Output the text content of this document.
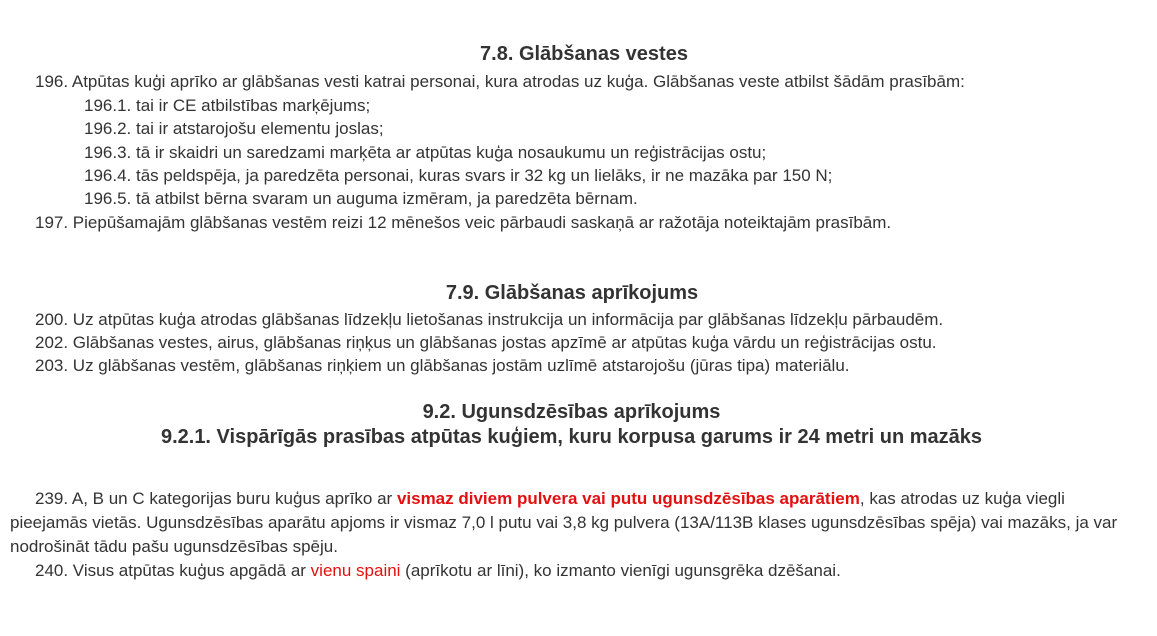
7.8. Glābšanas vestes
196. Atpūtas kuģi aprīko ar glābšanas vesti katrai personai, kura atrodas uz kuģa. Glābšanas veste atbilst šādām prasībām:
196.1. tai ir CE atbilstības marķējums;
196.2. tai ir atstarojošu elementu joslas;
196.3. tā ir skaidri un saredzami marķēta ar atpūtas kuģa nosaukumu un reģistrācijas ostu;
196.4. tās peldspēja, ja paredzēta personai, kuras svars ir 32 kg un lielāks, ir ne mazāka par 150 N;
196.5. tā atbilst bērna svaram un auguma izmēram, ja paredzēta bērnam.
197. Piepūšamajām glābšanas vestēm reizi 12 mēnešos veic pārbaudi saskaņā ar ražotāja noteiktajām prasībām.
7.9. Glābšanas aprīkojums
200. Uz atpūtas kuģa atrodas glābšanas līdzekļu lietošanas instrukcija un informācija par glābšanas līdzekļu pārbaudēm.
202. Glābšanas vestes, airus, glābšanas riņķus un glābšanas jostas apzīmē ar atpūtas kuģa vārdu un reģistrācijas ostu.
203. Uz glābšanas vestēm, glābšanas riņķiem un glābšanas jostām uzlīmē atstarojošu (jūras tipa) materiālu.
9.2. Ugunsdzēsības aprīkojums
9.2.1. Vispārīgās prasības atpūtas kuģiem, kuru korpusa garums ir 24 metri un mazāks
239. A, B un C kategorijas buru kuģus aprīko ar vismaz diviem pulvera vai putu ugunsdzēsības aparātiem, kas atrodas uz kuģa viegli pieejamās vietās. Ugunsdzēsības aparātu apjoms ir vismaz 7,0 l putu vai 3,8 kg pulvera (13A/113B klases ugunsdzēsības spēja) vai mazāks, ja var nodrošināt tādu pašu ugunsdzēsības spēju.
240. Visus atpūtas kuģus apgādā ar vienu spaini (aprīkotu ar līni), ko izmanto vienīgi ugunsgrēka dzēšanai.
